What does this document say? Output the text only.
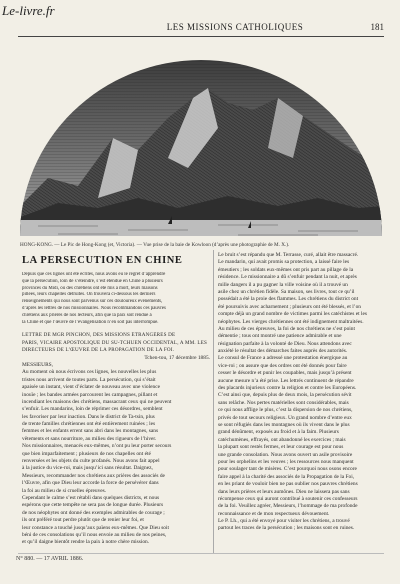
Le-livre.fr
LES MISSIONS CATHOLIQUES	181
HONG-KONG. — Le Pic de Hong-Kong (et, Victoria). — Vue prise de la baie de Kowloon (d’après une photographie de M. X.).
LA PERSECUTION EN CHINE
Depuis que ces lignes ont été écrites, nous avons eu le regret d’apprendre
que la persécution, loin de s’éteindre, s’est étendue en Chine à plusieurs
provinces du Midi, où des chrétiens ont été mis à mort, leurs maisons
pillées, leurs chapelles détruites. On trouvera ci-dessous les derniers
renseignements qui nous sont parvenus sur ces douloureux événements,
d’après les lettres de nos missionnaires. Nous recommandons ces pauvres
chrétiens aux prières de nos lecteurs, afin que la paix soit rendue à
la Chine et que l’œuvre de l’évangélisation n’en soit pas interrompue.
LETTRE DE MGR PINCHON, DES MISSIONS ÉTRANGÈRES DE
PARIS, VICAIRE APOSTOLIQUE DU SU-TCHUEN OCCIDENTAL, A MM. LES
DIRECTEURS DE L’ŒUVRE DE LA PROPAGATION DE LA FOI.
Tchen-tou, 17 décembre 1885.
MESSIEURS,
Au moment où nous écrivons ces lignes, les nouvelles les plus
tristes nous arrivent de toutes parts. La persécution, qui s’était
apaisée un instant, vient d’éclater de nouveau avec une violence
inouïe ; les bandes armées parcourent les campagnes, pillant et
incendiant les maisons des chrétiens, massacrant ceux qui ne peuvent
s’enfuir. Les mandarins, loin de réprimer ces désordres, semblent
les favoriser par leur inaction. Dans le district de Ta-tsin, plus
de trente familles chrétiennes ont été entièrement ruinées ; les
femmes et les enfants errent sans abri dans les montagnes, sans
vêtements et sans nourriture, au milieu des rigueurs de l’hiver.
Nos missionnaires, menacés eux-mêmes, n’ont pu leur porter secours
que bien imparfaitement ; plusieurs de nos chapelles ont été
renversées et les objets du culte profanés. Nous avons fait appel
à la justice du vice-roi, mais jusqu’ici sans résultat. Daignez,
Messieurs, recommander nos chrétiens aux prières des associés de
l’Œuvre, afin que Dieu leur accorde la force de persévérer dans
la foi au milieu de si cruelles épreuves.
Cependant le calme s’est rétabli dans quelques districts, et nous
espérons que cette tempête ne sera pas de longue durée. Plusieurs
de nos néophytes ont donné des exemples admirables de courage ;
ils ont préféré tout perdre plutôt que de renier leur foi, et
leur constance a touché jusqu’aux païens eux-mêmes. Que Dieu soit
béni de ces consolations qu’il nous envoie au milieu de nos peines,
et qu’il daigne bientôt rendre la paix à notre chère mission.
Le bruit s’est répandu que M. Terrasse, curé, allait être massacré.
Le mandarin, qui avait promis sa protection, a laissé faire les
émeutiers ; les soldats eux-mêmes ont pris part au pillage de la
résidence. Le missionnaire a dû s’enfuir pendant la nuit, et après
mille dangers il a pu gagner la ville voisine où il a trouvé un
asile chez un chrétien fidèle. Sa maison, ses livres, tout ce qu’il
possédait a été la proie des flammes. Les chrétiens du district ont
été poursuivis avec acharnement ; plusieurs ont été blessés, et l’on
compte déjà un grand nombre de victimes parmi les catéchistes et les
néophytes. Les vierges chrétiennes ont été indignement maltraitées.
Au milieu de ces épreuves, la foi de nos chrétiens ne s’est point
démentie ; tous ont montré une patience admirable et une
résignation parfaite à la volonté de Dieu. Nous attendons avec
anxiété le résultat des démarches faites auprès des autorités.
Le consul de France a adressé une protestation énergique au
vice-roi ; on assure que des ordres ont été donnés pour faire
cesser le désordre et punir les coupables, mais jusqu’à présent
aucune mesure n’a été prise. Les lettrés continuent de répandre
des placards injurieux contre la religion et contre les Européens.
C’est ainsi que, depuis plus de deux mois, la persécution sévit
sans relâche. Nos pertes matérielles sont considérables, mais
ce qui nous afflige le plus, c’est la dispersion de nos chrétiens,
privés de tout secours religieux. Un grand nombre d’entre eux
se sont réfugiés dans les montagnes où ils vivent dans le plus
grand dénûment, exposés au froid et à la faim. Plusieurs
catéchumènes, effrayés, ont abandonné les exercices ; mais
la plupart sont restés fermes, et leur courage est pour nous
une grande consolation. Nous avons ouvert un asile provisoire
pour les orphelins et les veuves ; les ressources nous manquent
pour soulager tant de misères. C’est pourquoi nous osons encore
faire appel à la charité des associés de la Propagation de la Foi,
en les priant de vouloir bien ne pas oublier nos pauvres chrétiens
dans leurs prières et leurs aumônes. Dieu ne laissera pas sans
récompense ceux qui auront contribué à soutenir ces confesseurs
de la foi. Veuillez agréer, Messieurs, l’hommage de ma profonde
reconnaissance et de mon respectueux dévouement.
Le P. Lh., qui a été envoyé pour visiter les chrétiens, a trouvé
partout les traces de la persécution ; les maisons sont en ruines.
N° 880. — 17 AVRIL 1886.
